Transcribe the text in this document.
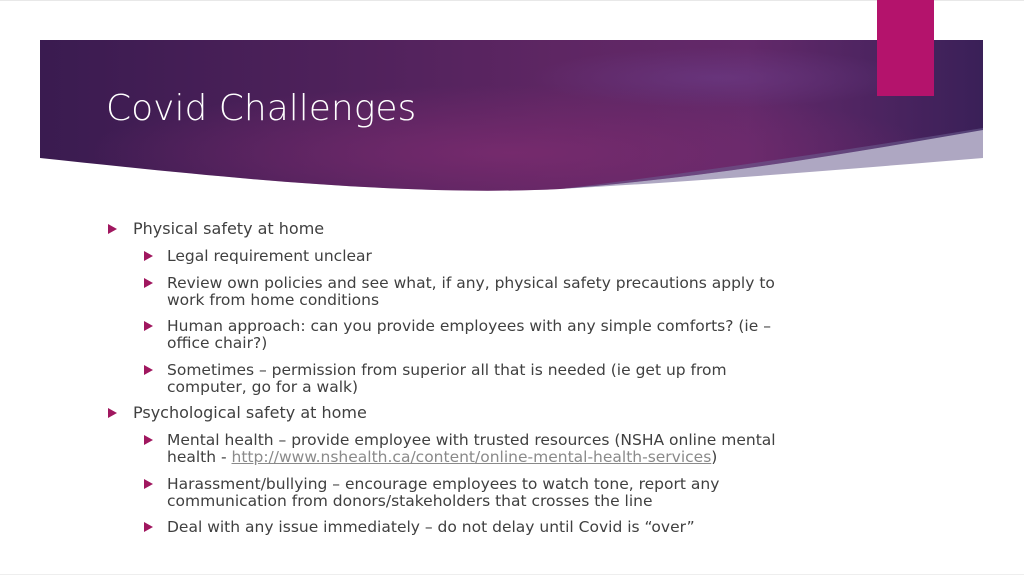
Covid Challenges
Physical safety at home
Legal requirement unclear
Review own policies and see what, if any, physical safety precautions apply to
work from home conditions
Human approach: can you provide employees with any simple comforts? (ie –
office chair?)
Sometimes – permission from superior all that is needed (ie get up from
computer, go for a walk)
Psychological safety at home
Mental health – provide employee with trusted resources (NSHA online mental
health - http://www.nshealth.ca/content/online-mental-health-services)
Harassment/bullying – encourage employees to watch tone, report any
communication from donors/stakeholders that crosses the line
Deal with any issue immediately – do not delay until Covid is “over”
